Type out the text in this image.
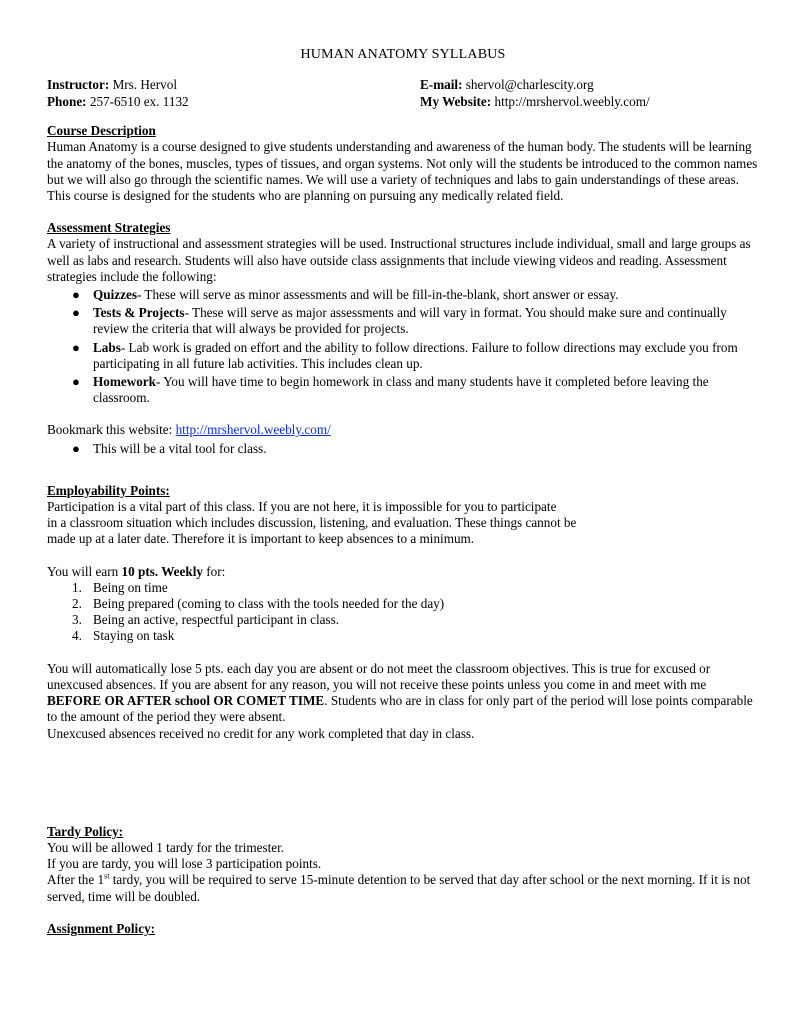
HUMAN ANATOMY SYLLABUS
Instructor: Mrs. Hervol
Phone: 257-6510 ex. 1132
E-mail: shervol@charlescity.org
My Website: http://mrshervol.weebly.com/

Course Description

Human Anatomy is a course designed to give students understanding and awareness of the human body. The students will be learning the anatomy of the bones, muscles, types of tissues, and organ systems. Not only will the students be introduced to the common names but we will also go through the scientific names. We will use a variety of techniques and labs to gain understandings of these areas. This course is designed for the students who are planning on pursuing any medically related field.

Assessment Strategies

A variety of instructional and assessment strategies will be used. Instructional structures include individual, small and large groups as well as labs and research. Students will also have outside class assignments that include viewing videos and reading. Assessment strategies include the following:

● Quizzes- These will serve as minor assessments and will be fill-in-the-blank, short answer or essay.
● Tests & Projects- These will serve as major assessments and will vary in format. You should make sure and continually review the criteria that will always be provided for projects.
● Labs- Lab work is graded on effort and the ability to follow directions. Failure to follow directions may exclude you from participating in all future lab activities. This includes clean up.
● Homework- You will have time to begin homework in class and many students have it completed before leaving the classroom.

Bookmark this website: http://mrshervol.weebly.com/

● This will be a vital tool for class.

Employability Points:

Participation is a vital part of this class. If you are not here, it is impossible for you to participate

in a classroom situation which includes discussion, listening, and evaluation. These things cannot be

made up at a later date. Therefore it is important to keep absences to a minimum.

You will earn 10 pts. Weekly for:

1. Being on time
2. Being prepared (coming to class with the tools needed for the day)
3. Being an active, respectful participant in class.
4. Staying on task

You will automatically lose 5 pts. each day you are absent or do not meet the classroom objectives. This is true for excused or unexcused absences. If you are absent for any reason, you will not receive these points unless you come in and meet with me BEFORE OR AFTER school OR COMET TIME. Students who are in class for only part of the period will lose points comparable to the amount of the period they were absent.

Unexcused absences received no credit for any work completed that day in class.

Tardy Policy:

You will be allowed 1 tardy for the trimester.

If you are tardy, you will lose 3 participation points.

After the 1st tardy, you will be required to serve 15-minute detention to be served that day after school or the next morning. If it is not served, time will be doubled.

Assignment Policy:
